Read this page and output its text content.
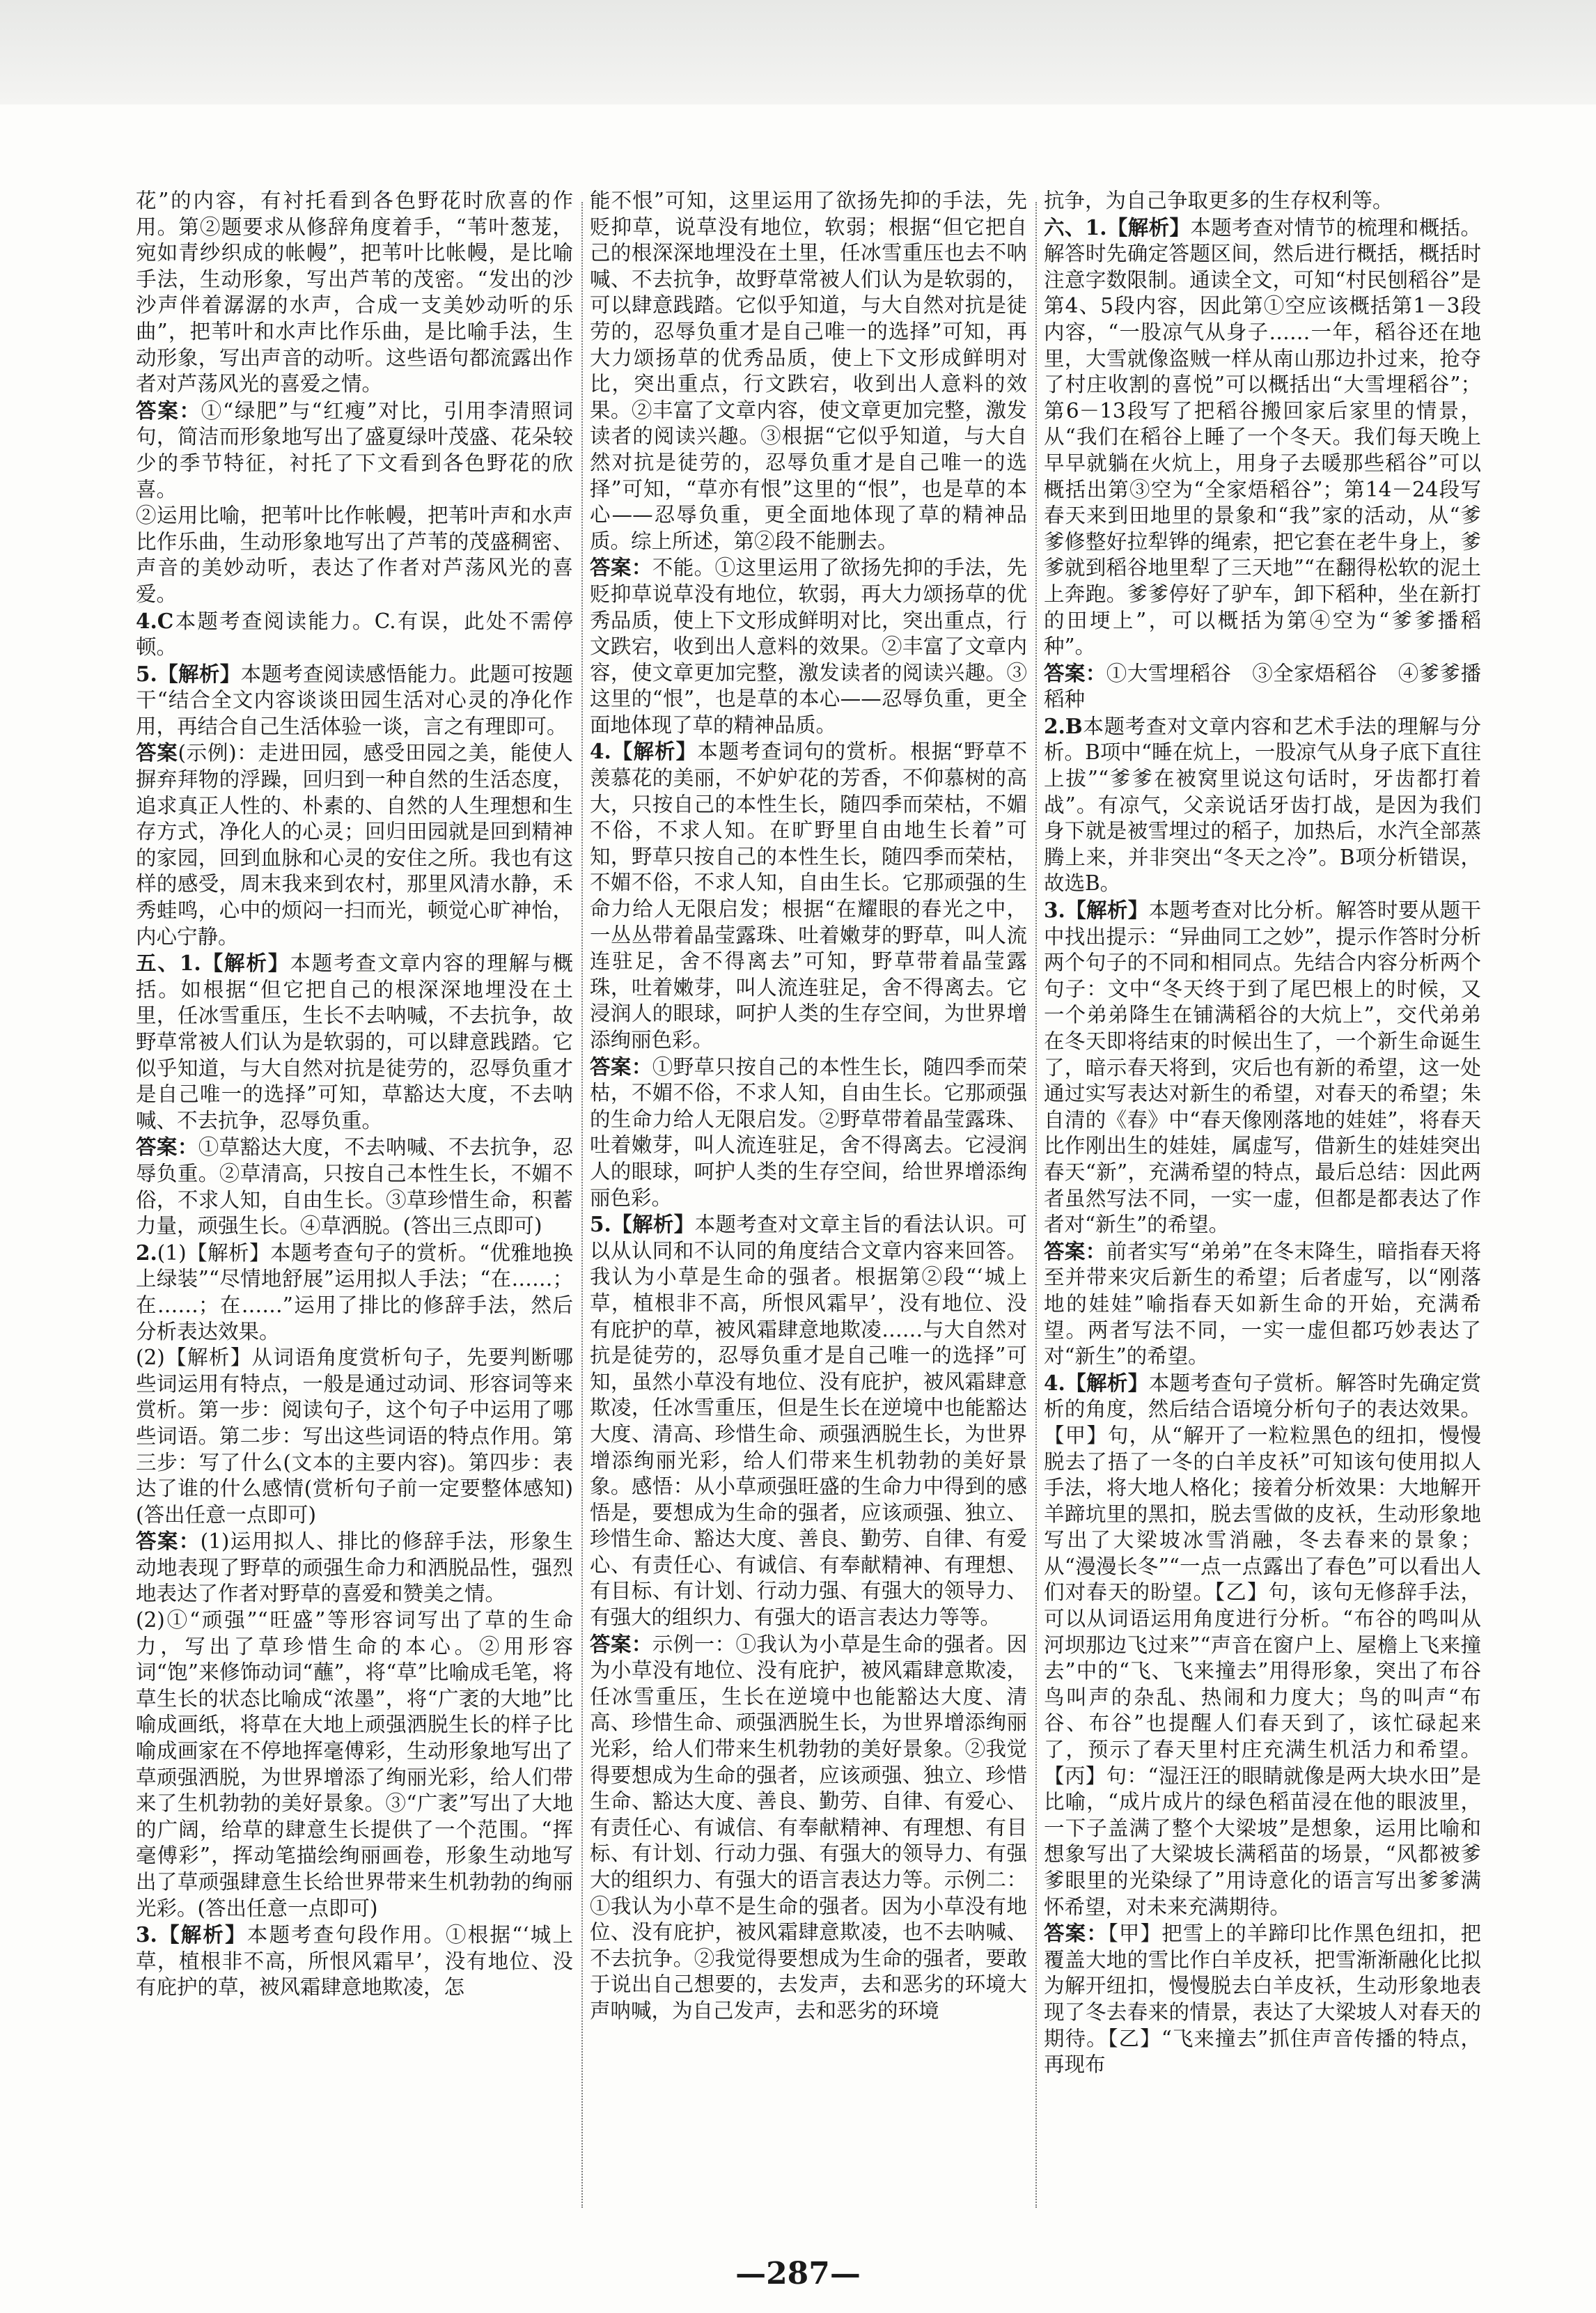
花”的内容，有衬托看到各色野花时欣喜的作用。第②题要求从修辞角度着手，“苇叶葱茏，宛如青纱织成的帐幔”，把苇叶比帐幔，是比喻手法，生动形象，写出芦苇的茂密。“发出的沙沙声伴着潺潺的水声，合成一支美妙动听的乐曲”，把苇叶和水声比作乐曲，是比喻手法，生动形象，写出声音的动听。这些语句都流露出作者对芦荡风光的喜爱之情。

答案：①“绿肥”与“红瘦”对比，引用李清照词句，简洁而形象地写出了盛夏绿叶茂盛、花朵较少的季节特征，衬托了下文看到各色野花的欣喜。

②运用比喻，把苇叶比作帐幔，把苇叶声和水声比作乐曲，生动形象地写出了芦苇的茂盛稠密、声音的美妙动听，表达了作者对芦荡风光的喜爱。

4.C本题考查阅读能力。C.有误，此处不需停顿。

5.【解析】本题考查阅读感悟能力。此题可按题干“结合全文内容谈谈田园生活对心灵的净化作用，再结合自己生活体验一谈，言之有理即可。

答案(示例)：走进田园，感受田园之美，能使人摒弃拜物的浮躁，回归到一种自然的生活态度，追求真正人性的、朴素的、自然的人生理想和生存方式，净化人的心灵；回归田园就是回到精神的家园，回到血脉和心灵的安住之所。我也有这样的感受，周末我来到农村，那里风清水静，禾秀蛙鸣，心中的烦闷一扫而光，顿觉心旷神怡，内心宁静。

五、1.【解析】本题考查文章内容的理解与概括。如根据“但它把自己的根深深地埋没在土里，任冰雪重压，生长不去呐喊，不去抗争，故野草常被人们认为是软弱的，可以肆意践踏。它似乎知道，与大自然对抗是徒劳的，忍辱负重才是自己唯一的选择”可知，草豁达大度，不去呐喊、不去抗争，忍辱负重。

答案：①草豁达大度，不去呐喊、不去抗争，忍辱负重。②草清高，只按自己本性生长，不媚不俗，不求人知，自由生长。③草珍惜生命，积蓄力量，顽强生长。④草洒脱。(答出三点即可)

2.(1)【解析】本题考查句子的赏析。“优雅地换上绿装”“尽情地舒展”运用拟人手法；“在……；在……；在……”运用了排比的修辞手法，然后分析表达效果。

(2)【解析】从词语角度赏析句子，先要判断哪些词运用有特点，一般是通过动词、形容词等来赏析。第一步：阅读句子，这个句子中运用了哪些词语。第二步：写出这些词语的特点作用。第三步：写了什么(文本的主要内容)。第四步：表达了谁的什么感情(赏析句子前一定要整体感知)(答出任意一点即可)

答案：(1)运用拟人、排比的修辞手法，形象生动地表现了野草的顽强生命力和洒脱品性，强烈地表达了作者对野草的喜爱和赞美之情。

(2)①“顽强”“旺盛”等形容词写出了草的生命力，写出了草珍惜生命的本心。②用形容词“饱”来修饰动词“蘸”，将“草”比喻成毛笔，将草生长的状态比喻成“浓墨”，将“广袤的大地”比喻成画纸，将草在大地上顽强洒脱生长的样子比喻成画家在不停地挥毫傅彩，生动形象地写出了草顽强洒脱，为世界增添了绚丽光彩，给人们带来了生机勃勃的美好景象。③“广袤”写出了大地的广阔，给草的肆意生长提供了一个范围。“挥毫傅彩”，挥动笔描绘绚丽画卷，形象生动地写出了草顽强肆意生长给世界带来生机勃勃的绚丽光彩。(答出任意一点即可)

3.【解析】本题考查句段作用。①根据“‘城上草，植根非不高，所恨风霜早’，没有地位、没有庇护的草，被风霜肆意地欺凌，怎

能不恨”可知，这里运用了欲扬先抑的手法，先贬抑草，说草没有地位，软弱；根据“但它把自己的根深深地埋没在土里，任冰雪重压也去不呐喊、不去抗争，故野草常被人们认为是软弱的，可以肆意践踏。它似乎知道，与大自然对抗是徒劳的，忍辱负重才是自己唯一的选择”可知，再大力颂扬草的优秀品质，使上下文形成鲜明对比，突出重点，行文跌宕，收到出人意料的效果。②丰富了文章内容，使文章更加完整，激发读者的阅读兴趣。③根据“它似乎知道，与大自然对抗是徒劳的，忍辱负重才是自己唯一的选择”可知，“草亦有恨”这里的“恨”，也是草的本心——忍辱负重，更全面地体现了草的精神品质。综上所述，第②段不能删去。

答案：不能。①这里运用了欲扬先抑的手法，先贬抑草说草没有地位，软弱，再大力颂扬草的优秀品质，使上下文形成鲜明对比，突出重点，行文跌宕，收到出人意料的效果。②丰富了文章内容，使文章更加完整，激发读者的阅读兴趣。③这里的“恨”，也是草的本心——忍辱负重，更全面地体现了草的精神品质。

4.【解析】本题考查词句的赏析。根据“野草不羡慕花的美丽，不妒妒花的芳香，不仰慕树的高大，只按自己的本性生长，随四季而荣枯，不媚不俗，不求人知。在旷野里自由地生长着”可知，野草只按自己的本性生长，随四季而荣枯，不媚不俗，不求人知，自由生长。它那顽强的生命力给人无限启发；根据“在耀眼的春光之中，一丛丛带着晶莹露珠、吐着嫩芽的野草，叫人流连驻足，舍不得离去”可知，野草带着晶莹露珠，吐着嫩芽，叫人流连驻足，舍不得离去。它浸润人的眼球，呵护人类的生存空间，为世界增添绚丽色彩。

答案：①野草只按自己的本性生长，随四季而荣枯，不媚不俗，不求人知，自由生长。它那顽强的生命力给人无限启发。②野草带着晶莹露珠、吐着嫩芽，叫人流连驻足，舍不得离去。它浸润人的眼球，呵护人类的生存空间，给世界增添绚丽色彩。

5.【解析】本题考查对文章主旨的看法认识。可以从认同和不认同的角度结合文章内容来回答。我认为小草是生命的强者。根据第②段“‘城上草，植根非不高，所恨风霜早’，没有地位、没有庇护的草，被风霜肆意地欺凌……与大自然对抗是徒劳的，忍辱负重才是自己唯一的选择”可知，虽然小草没有地位、没有庇护，被风霜肆意欺凌，任冰雪重压，但是生长在逆境中也能豁达大度、清高、珍惜生命、顽强洒脱生长，为世界增添绚丽光彩，给人们带来生机勃勃的美好景象。感悟：从小草顽强旺盛的生命力中得到的感悟是，要想成为生命的强者，应该顽强、独立、珍惜生命、豁达大度、善良、勤劳、自律、有爱心、有责任心、有诚信、有奉献精神、有理想、有目标、有计划、行动力强、有强大的领导力、有强大的组织力、有强大的语言表达力等等。

答案：示例一：①我认为小草是生命的强者。因为小草没有地位、没有庇护，被风霜肆意欺凌，任冰雪重压，生长在逆境中也能豁达大度、清高、珍惜生命、顽强洒脱生长，为世界增添绚丽光彩，给人们带来生机勃勃的美好景象。②我觉得要想成为生命的强者，应该顽强、独立、珍惜生命、豁达大度、善良、勤劳、自律、有爱心、有责任心、有诚信、有奉献精神、有理想、有目标、有计划、行动力强、有强大的领导力、有强大的组织力、有强大的语言表达力等。示例二：①我认为小草不是生命的强者。因为小草没有地位、没有庇护，被风霜肆意欺凌，也不去呐喊、不去抗争。②我觉得要想成为生命的强者，要敢于说出自己想要的，去发声，去和恶劣的环境大声呐喊，为自己发声，去和恶劣的环境

抗争，为自己争取更多的生存权利等。

六、1.【解析】本题考查对情节的梳理和概括。解答时先确定答题区间，然后进行概括，概括时注意字数限制。通读全文，可知“村民刨稻谷”是第4、5段内容，因此第①空应该概括第1－3段内容，“一股凉气从身子……一年，稻谷还在地里，大雪就像盗贼一样从南山那边扑过来，抢夺了村庄收割的喜悦”可以概括出“大雪埋稻谷”；第6－13段写了把稻谷搬回家后家里的情景，从“我们在稻谷上睡了一个冬天。我们每天晚上早早就躺在火炕上，用身子去暖那些稻谷”可以概括出第③空为“全家焐稻谷”；第14－24段写春天来到田地里的景象和“我”家的活动，从“爹爹修整好拉犁铧的绳索，把它套在老牛身上，爹爹就到稻谷地里犁了三天地”“在翻得松软的泥土上奔跑。爹爹停好了驴车，卸下稻种，坐在新打的田埂上”，可以概括为第④空为“爹爹播稻种”。

答案：①大雪埋稻谷　③全家焐稻谷　④爹爹播稻种

2.B本题考查对文章内容和艺术手法的理解与分析。B项中“睡在炕上，一股凉气从身子底下直往上拔”“爹爹在被窝里说这句话时，牙齿都打着战”。有凉气，父亲说话牙齿打战，是因为我们身下就是被雪埋过的稻子，加热后，水汽全部蒸腾上来，并非突出“冬天之冷”。B项分析错误，故选B。

3.【解析】本题考查对比分析。解答时要从题干中找出提示：“异曲同工之妙”，提示作答时分析两个句子的不同和相同点。先结合内容分析两个句子：文中“冬天终于到了尾巴根上的时候，又一个弟弟降生在铺满稻谷的大炕上”，交代弟弟在冬天即将结束的时候出生了，一个新生命诞生了，暗示春天将到，灾后也有新的希望，这一处通过实写表达对新生的希望，对春天的希望；朱自清的《春》中“春天像刚落地的娃娃”，将春天比作刚出生的娃娃，属虚写，借新生的娃娃突出春天“新”，充满希望的特点，最后总结：因此两者虽然写法不同，一实一虚，但都是都表达了作者对“新生”的希望。

答案：前者实写“弟弟”在冬末降生，暗指春天将至并带来灾后新生的希望；后者虚写，以“刚落地的娃娃”喻指春天如新生命的开始，充满希望。两者写法不同，一实一虚但都巧妙表达了对“新生”的希望。

4.【解析】本题考查句子赏析。解答时先确定赏析的角度，然后结合语境分析句子的表达效果。【甲】句，从“解开了一粒粒黑色的纽扣，慢慢脱去了捂了一冬的白羊皮袄”可知该句使用拟人手法，将大地人格化；接着分析效果：大地解开羊蹄坑里的黑扣，脱去雪做的皮袄，生动形象地写出了大梁坡冰雪消融，冬去春来的景象；从“漫漫长冬”“一点一点露出了春色”可以看出人们对春天的盼望。【乙】句，该句无修辞手法，可以从词语运用角度进行分析。“布谷的鸣叫从河坝那边飞过来”“声音在窗户上、屋檐上飞来撞去”中的“飞、飞来撞去”用得形象，突出了布谷鸟叫声的杂乱、热闹和力度大；鸟的叫声“布谷、布谷”也提醒人们春天到了，该忙碌起来了，预示了春天里村庄充满生机活力和希望。【丙】句：“湿汪汪的眼睛就像是两大块水田”是比喻，“成片成片的绿色稻苗浸在他的眼波里，一下子盖满了整个大梁坡”是想象，运用比喻和想象写出了大梁坡长满稻苗的场景，“风都被爹爹眼里的光染绿了”用诗意化的语言写出爹爹满怀希望，对未来充满期待。

答案：【甲】把雪上的羊蹄印比作黑色纽扣，把覆盖大地的雪比作白羊皮袄，把雪渐渐融化比拟为解开纽扣，慢慢脱去白羊皮袄，生动形象地表现了冬去春来的情景，表达了大梁坡人对春天的期待。【乙】“飞来撞去”抓住声音传播的特点，再现布

—287—
